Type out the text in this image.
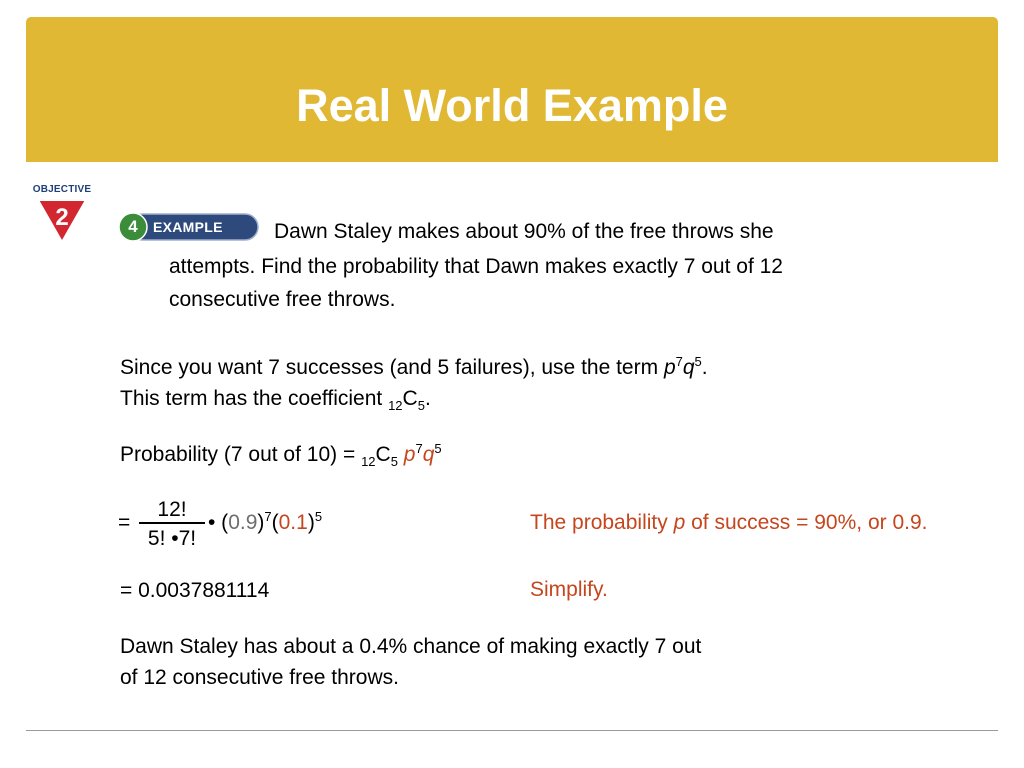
Real World Example
OBJECTIVE
2	4	EXAMPLE Dawn Staley makes about 90% of the free throws she
attempts. Find the probability that Dawn makes exactly 7 out of 12
consecutive free throws.
Since you want 7 successes (and 5 failures), use the term $p^7q^5$.
This term has the coefficient $_{12}C_5$.
Probability (7 out of $10) = _{12}C_5$ $p^7q^5$
=
12!
5! •7!
• $(0.9)^7(0.1)^5$	The probability p of success = 90%, or 0.9.
= 0.0037881114	Simplify.
Dawn Staley has about a 0.4% chance of making exactly 7 out
of 12 consecutive free throws.
